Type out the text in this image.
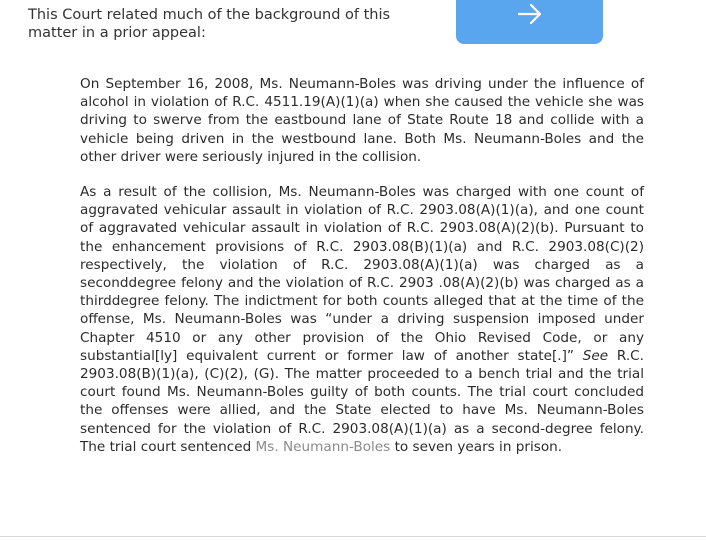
This Court related much of the background of this matter in a prior appeal:

On September 16, 2008, Ms. Neumann-Boles was driving under the influence of alcohol in violation of R.C. 4511.19(A)(1)(a) when she caused the vehicle she was driving to swerve from the eastbound lane of State Route 18 and collide with a vehicle being driven in the westbound lane. Both Ms. Neumann-Boles and the other driver were seriously injured in the collision.

As a result of the collision, Ms. Neumann-Boles was charged with one count of aggravated vehicular assault in violation of R.C. 2903.08(A)(1)(a), and one count of aggravated vehicular assault in violation of R.C. 2903.08(A)(2)(b). Pursuant to the enhancement provisions of R.C. 2903.08(B)(1)(a) and R.C. 2903.08(C)(2) respectively, the violation of R.C. 2903.08(A)(1)(a) was charged as a seconddegree felony and the violation of R.C. 2903 .08(A)(2)(b) was charged as a thirddegree felony. The indictment for both counts alleged that at the time of the offense, Ms. Neumann-Boles was “under a driving suspension imposed under Chapter 4510 or any other provision of the Ohio Revised Code, or any substantial[ly] equivalent current or former law of another state[.]” See R.C. 2903.08(B)(1)(a), (C)(2), (G). The matter proceeded to a bench trial and the trial court found Ms. Neumann-Boles guilty of both counts. The trial court concluded the offenses were allied, and the State elected to have Ms. Neumann-Boles sentenced for the violation of R.C. 2903.08(A)(1)(a) as a second-degree felony. The trial court sentenced Ms. Neumann-Boles to seven years in prison.
